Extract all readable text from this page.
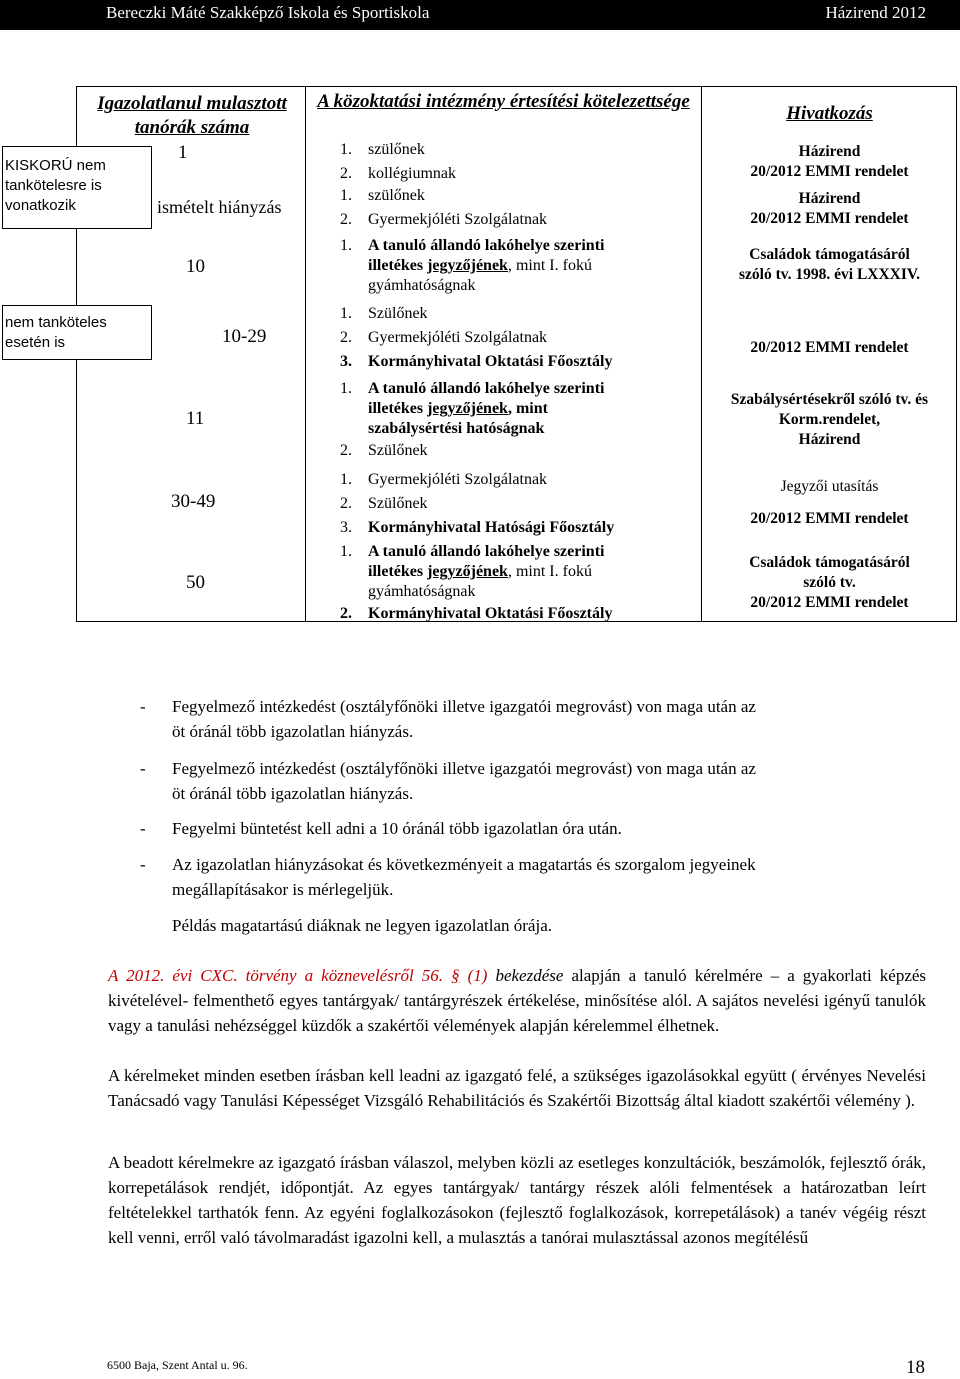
Bereczki Máté Szakképző Iskola és Sportiskola	Házirend 2012
Igazolatlanul mulasztott tanórák száma
1
ismételt hiányzás
10
10-29
11
30-49
50
KISKORÚ nem tankötelesre is vonatkozik
nem tanköteles esetén is
A közoktatási intézmény értesítési kötelezettsége
1. szülőnek
2. kollégiumnak
1. szülőnek
2. Gyermekjóléti Szolgálatnak
1. A tanuló állandó lakóhelye szerinti
illetékes jegyzőjének, mint I. fokú
gyámhatóságnak
1. Szülőnek
2. Gyermekjóléti Szolgálatnak
3. Kormányhivatal Oktatási Főosztály
1. A tanuló állandó lakóhelye szerinti
illetékes jegyzőjének, mint
szabálysértési hatóságnak
2. Szülőnek
1. Gyermekjóléti Szolgálatnak
2. Szülőnek
3. Kormányhivatal Hatósági Főosztály
1. A tanuló állandó lakóhelye szerinti
illetékes jegyzőjének, mint I. fokú
gyámhatóságnak
2. Kormányhivatal Oktatási Főosztály
Hivatkozás
Házirend
20/2012 EMMI rendelet
Házirend
20/2012 EMMI rendelet
Családok támogatásáról
szóló tv. 1998. évi LXXXIV.
20/2012 EMMI rendelet
Szabálysértésekről szóló tv. és
Korm.rendelet,
Házirend
Jegyzői utasítás
20/2012 EMMI rendelet
Családok támogatásáról
szóló tv.
20/2012 EMMI rendelet
- Fegyelmező intézkedést (osztályfőnöki illetve igazgatói megrovást) von maga után az
öt óránál több igazolatlan hiányzás.
- Fegyelmező intézkedést (osztályfőnöki illetve igazgatói megrovást) von maga után az
öt óránál több igazolatlan hiányzás.
- Fegyelmi büntetést kell adni a 10 óránál több igazolatlan óra után.
- Az igazolatlan hiányzásokat és következményeit a magatartás és szorgalom jegyeinek
megállapításakor is mérlegeljük.
Példás magatartású diáknak ne legyen igazolatlan órája.
A 2012. évi CXC. törvény a köznevelésről 56. § (1) bekezdése alapján a tanuló kérelmére – a gyakorlati képzés kivételével- felmenthető egyes tantárgyak/ tantárgyrészek értékelése, minősítése alól. A sajátos nevelési igényű tanulók vagy a tanulási nehézséggel küzdők a szakértői vélemények alapján kérelemmel élhetnek.
A kérelmeket minden esetben írásban kell leadni az igazgató felé, a szükséges igazolásokkal együtt ( érvényes Nevelési Tanácsadó vagy Tanulási Képességet Vizsgáló Rehabilitációs és Szakértői Bizottság által kiadott szakértői vélemény ).
A beadott kérelmekre az igazgató írásban válaszol, melyben közli az esetleges konzultációk, beszámolók, fejlesztő órák, korrepetálások rendjét, időpontját. Az egyes tantárgyak/ tantárgy részek alóli felmentések a határozatban leírt feltételekkel tarthatók fenn. Az egyéni foglalkozásokon (fejlesztő foglalkozások, korrepetálások) a tanév végéig részt kell venni, erről való távolmaradást igazolni kell, a mulasztás a tanórai mulasztással azonos megítélésű
6500 Baja, Szent Antal u. 96.	18
